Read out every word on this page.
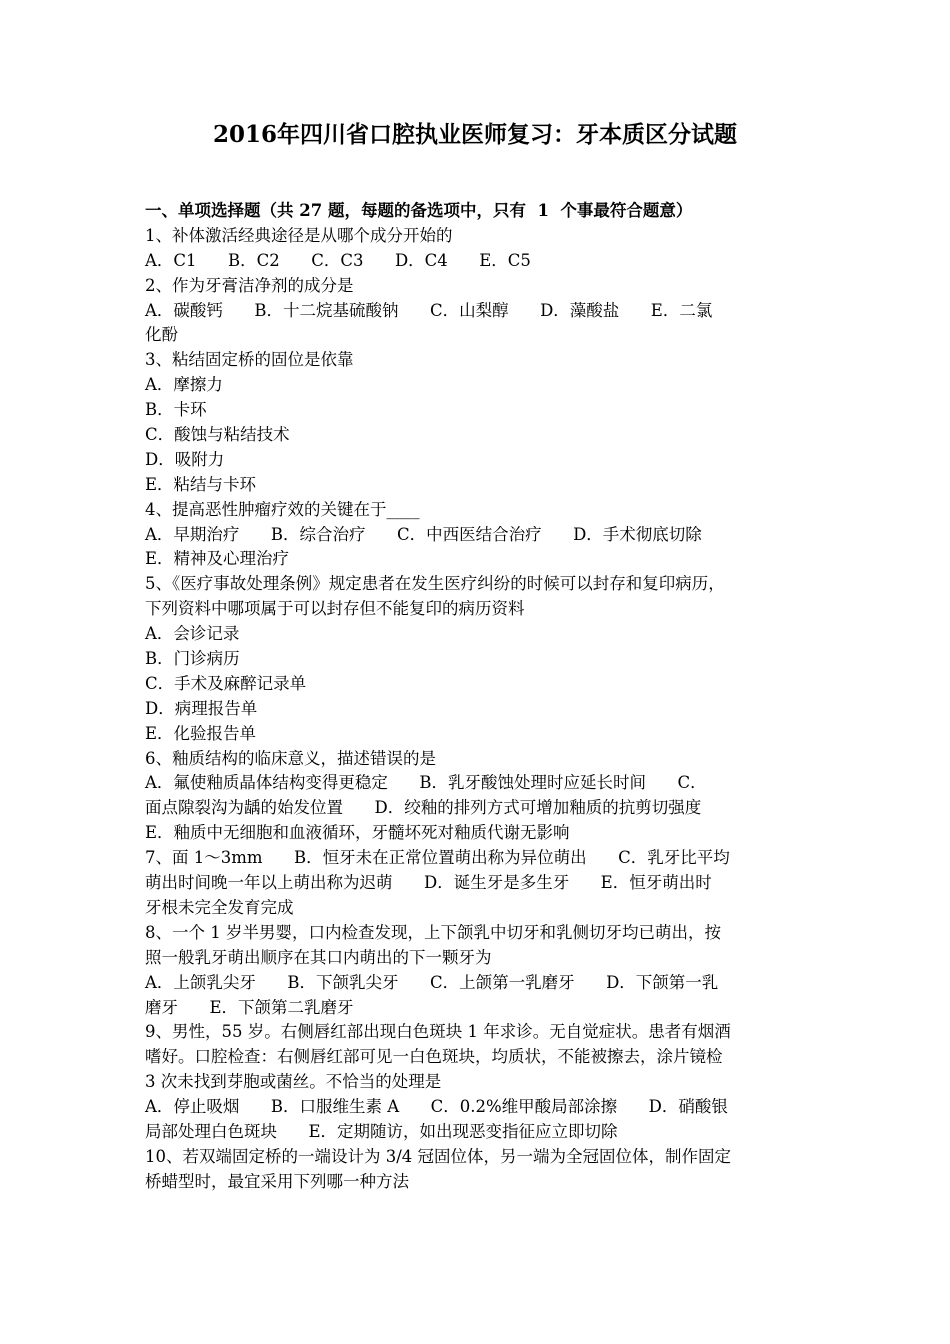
2016年四川省口腔执业医师复习：牙本质区分试题
一、单项选择题（共 27 题，每题的备选项中，只有  1  个事最符合题意）
1、补体激活经典途径是从哪个成分开始的
A．C1      B．C2      C．C3      D．C4      E．C5
2、作为牙膏洁净剂的成分是
A．碳酸钙      B．十二烷基硫酸钠      C．山梨醇      D．藻酸盐      E．二氯
化酚
3、粘结固定桥的固位是依靠
A．摩擦力
B．卡环
C．酸蚀与粘结技术
D．吸附力
E．粘结与卡环
4、提高恶性肿瘤疗效的关键在于____
A．早期治疗      B．综合治疗      C．中西医结合治疗      D．手术彻底切除
E．精神及心理治疗
5、《医疗事故处理条例》规定患者在发生医疗纠纷的时候可以封存和复印病历，
下列资料中哪项属于可以封存但不能复印的病历资料
A．会诊记录
B．门诊病历
C．手术及麻醉记录单
D．病理报告单
E．化验报告单
6、釉质结构的临床意义，描述错误的是
A．氟使釉质晶体结构变得更稳定      B．乳牙酸蚀处理时应延长时间      C．
面点隙裂沟为龋的始发位置      D．绞釉的排列方式可增加釉质的抗剪切强度
E．釉质中无细胞和血液循环，牙髓坏死对釉质代谢无影响
7、面 1～3mm      B．恒牙未在正常位置萌出称为异位萌出      C．乳牙比平均
萌出时间晚一年以上萌出称为迟萌      D．诞生牙是多生牙      E．恒牙萌出时
牙根未完全发育完成
8、一个 1 岁半男婴，口内检查发现，上下颌乳中切牙和乳侧切牙均已萌出，按
照一般乳牙萌出顺序在其口内萌出的下一颗牙为
A．上颌乳尖牙      B．下颌乳尖牙      C．上颌第一乳磨牙      D．下颌第一乳
磨牙      E．下颌第二乳磨牙
9、男性，55 岁。右侧唇红部出现白色斑块 1 年求诊。无自觉症状。患者有烟酒
嗜好。口腔检查：右侧唇红部可见一白色斑块，均质状，不能被擦去，涂片镜检
3 次未找到芽胞或菌丝。不恰当的处理是
A．停止吸烟      B．口服维生素 A      C．0.2%维甲酸局部涂擦      D．硝酸银
局部处理白色斑块      E．定期随访，如出现恶变指征应立即切除
10、若双端固定桥的一端设计为 3/4 冠固位体，另一端为全冠固位体，制作固定
桥蜡型时，最宜采用下列哪一种方法
